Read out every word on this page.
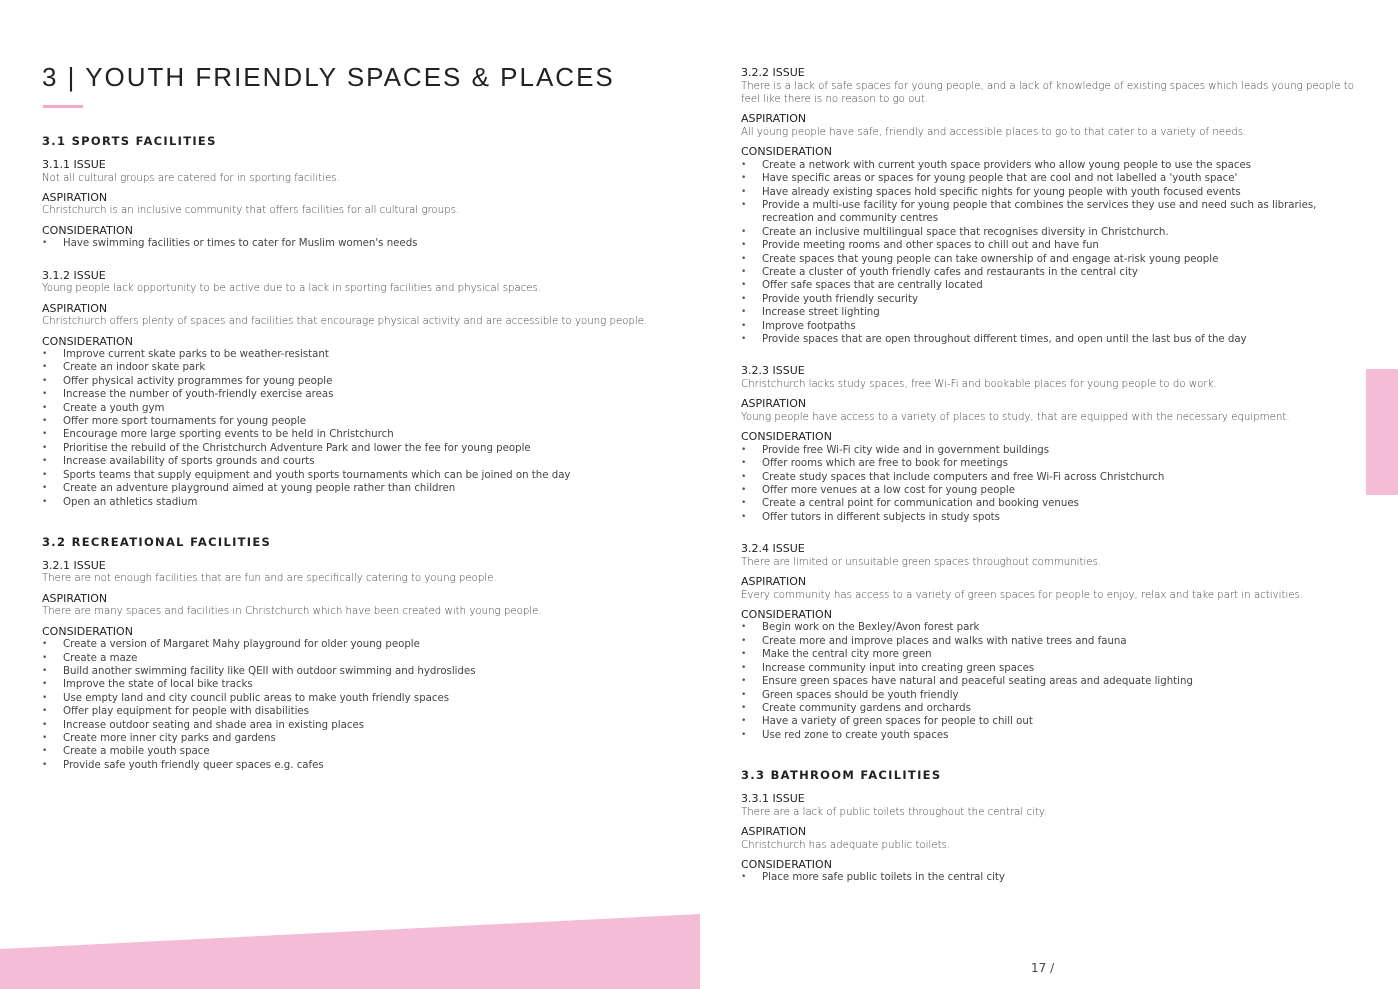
3 | YOUTH FRIENDLY SPACES & PLACES
3.1 SPORTS FACILITIES
3.1.1 ISSUE
Not all cultural groups are catered for in sporting facilities.
ASPIRATION
Christchurch is an inclusive community that offers facilities for all cultural groups.
CONSIDERATION
• Have swimming facilities or times to cater for Muslim women's needs
3.1.2 ISSUE
Young people lack opportunity to be active due to a lack in sporting facilities and physical spaces.
ASPIRATION
Christchurch offers plenty of spaces and facilities that encourage physical activity and are accessible to young people.
CONSIDERATION
• Improve current skate parks to be weather-resistant
• Create an indoor skate park
• Offer physical activity programmes for young people
• Increase the number of youth-friendly exercise areas
• Create a youth gym
• Offer more sport tournaments for young people
• Encourage more large sporting events to be held in Christchurch
• Prioritise the rebuild of the Christchurch Adventure Park and lower the fee for young people
• Increase availability of sports grounds and courts
• Sports teams that supply equipment and youth sports tournaments which can be joined on the day
• Create an adventure playground aimed at young people rather than children
• Open an athletics stadium
3.2 RECREATIONAL FACILITIES
3.2.1 ISSUE
There are not enough facilities that are fun and are specifically catering to young people.
ASPIRATION
There are many spaces and facilities in Christchurch which have been created with young people.
CONSIDERATION
• Create a version of Margaret Mahy playground for older young people
• Create a maze
• Build another swimming facility like QEII with outdoor swimming and hydroslides
• Improve the state of local bike tracks
• Use empty land and city council public areas to make youth friendly spaces
• Offer play equipment for people with disabilities
• Increase outdoor seating and shade area in existing places
• Create more inner city parks and gardens
• Create a mobile youth space
• Provide safe youth friendly queer spaces e.g. cafes
3.2.2 ISSUE
There is a lack of safe spaces for young people, and a lack of knowledge of existing spaces which leads young people to feel like there is no reason to go out.
ASPIRATION
All young people have safe, friendly and accessible places to go to that cater to a variety of needs.
CONSIDERATION
• Create a network with current youth space providers who allow young people to use the spaces
• Have specific areas or spaces for young people that are cool and not labelled a 'youth space'
• Have already existing spaces hold specific nights for young people with youth focused events
• Provide a multi-use facility for young people that combines the services they use and need such as libraries, recreation and community centres
• Create an inclusive multilingual space that recognises diversity in Christchurch.
• Provide meeting rooms and other spaces to chill out and have fun
• Create spaces that young people can take ownership of and engage at-risk young people
• Create a cluster of youth friendly cafes and restaurants in the central city
• Offer safe spaces that are centrally located
• Provide youth friendly security
• Increase street lighting
• Improve footpaths
• Provide spaces that are open throughout different times, and open until the last bus of the day
3.2.3 ISSUE
Christchurch lacks study spaces, free Wi-Fi and bookable places for young people to do work.
ASPIRATION
Young people have access to a variety of places to study, that are equipped with the necessary equipment.
CONSIDERATION
• Provide free Wi-Fi city wide and in government buildings
• Offer rooms which are free to book for meetings
• Create study spaces that include computers and free Wi-Fi across Christchurch
• Offer more venues at a low cost for young people
• Create a central point for communication and booking venues
• Offer tutors in different subjects in study spots
3.2.4 ISSUE
There are limited or unsuitable green spaces throughout communities.
ASPIRATION
Every community has access to a variety of green spaces for people to enjoy, relax and take part in activities.
CONSIDERATION
• Begin work on the Bexley/Avon forest park
• Create more and improve places and walks with native trees and fauna
• Make the central city more green
• Increase community input into creating green spaces
• Ensure green spaces have natural and peaceful seating areas and adequate lighting
• Green spaces should be youth friendly
• Create community gardens and orchards
• Have a variety of green spaces for people to chill out
• Use red zone to create youth spaces
3.3 BATHROOM FACILITIES
3.3.1 ISSUE
There are a lack of public toilets throughout the central city.
ASPIRATION
Christchurch has adequate public toilets.
CONSIDERATION
• Place more safe public toilets in the central city
17 /
